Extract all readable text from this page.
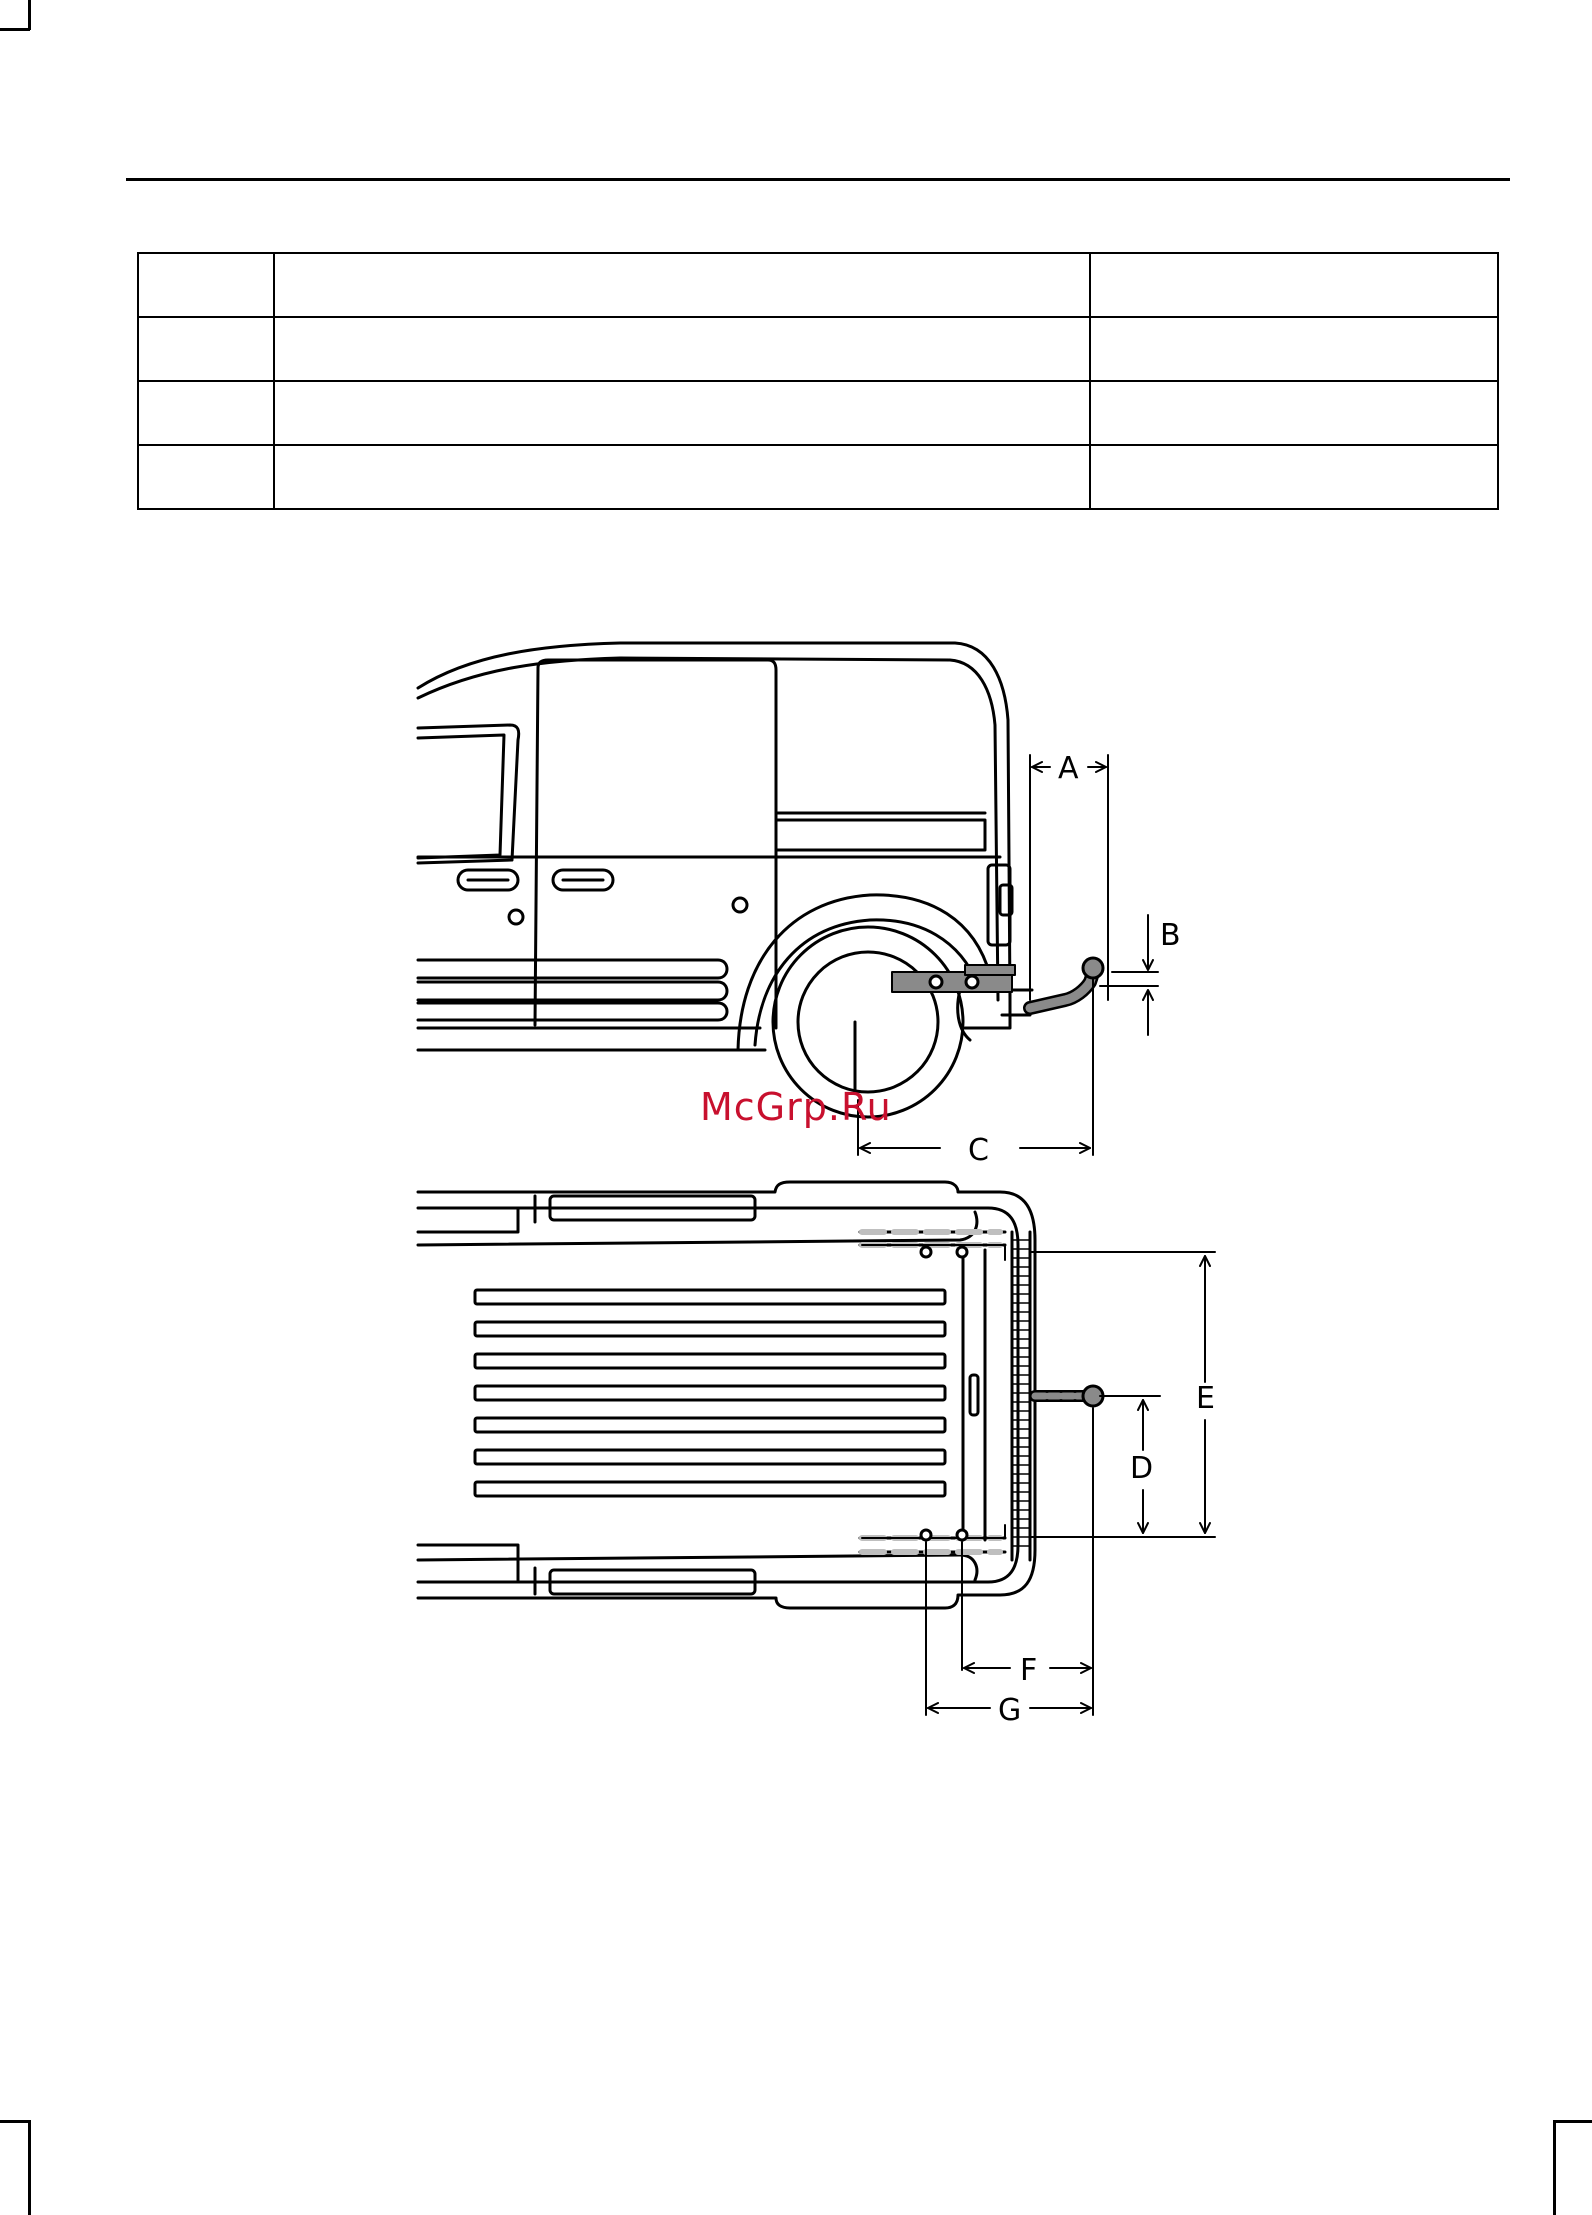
A
B
C
D
E
F
G
McGrp.Ru
